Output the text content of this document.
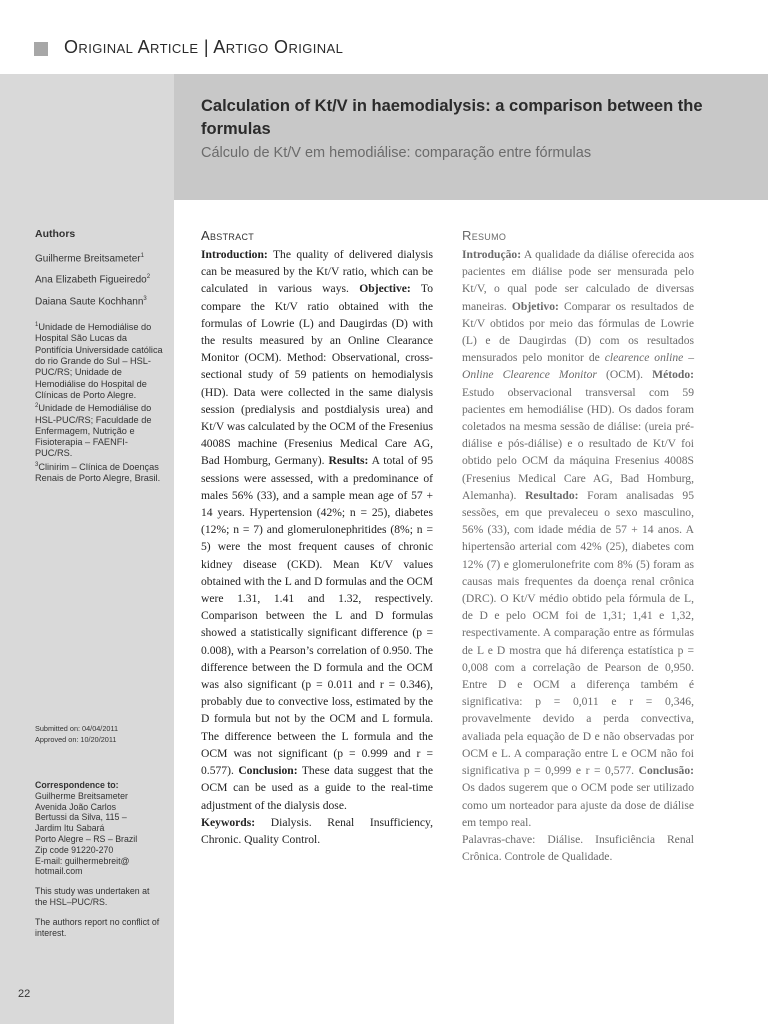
Original Article | Artigo Original
Calculation of Kt/V in haemodialysis: a comparison between the formulas
Cálculo de Kt/V em hemodiálise: comparação entre fórmulas
Authors
Guilherme Breitsameter$^1$
Ana Elizabeth Figueiredo$^2$
Daiana Saute Kochhann$^3$
$^1$Unidade de Hemodiálise do Hospital São Lucas da Pontifícia Universidade católica do rio Grande do Sul – HSL-PUC/RS; Unidade de Hemodiálise do Hospital de Clínicas de Porto Alegre.
$^2$Unidade de Hemodiálise do HSL-PUC/RS; Faculdade de Enfermagem, Nutrição e Fisioterapia – FAENFI-PUC/RS.
$^3$Clinirim – Clínica de Doenças Renais de Porto Alegre, Brasil.
Submitted on: 04/04/2011
Approved on: 10/20/2011
Correspondence to:
Guilherme Breitsameter
Avenida João Carlos
Bertussi da Silva, 115 –
Jardim Itu Sabará
Porto Alegre – RS – Brazil
Zip code 91220-270
E-mail: guilhermebreit@
hotmail.com
This study was undertaken at the HSL–PUC/RS.
The authors report no conflict of interest.
22
Abstract
Introduction: The quality of delivered dialysis can be measured by the Kt/V ratio, which can be calculated in various ways. Objective: To compare the Kt/V ratio obtained with the formulas of Lowrie (L) and Daugirdas (D) with the results measured by an Online Clearance Monitor (OCM). Method: Observational, cross-sectional study of 59 patients on hemodialysis (HD). Data were collected in the same dialysis session (predialysis and postdialysis urea) and Kt/V was calculated by the OCM of the Fresenius 4008S machine (Fresenius Medical Care AG, Bad Homburg, Germany). Results: A total of 95 sessions were assessed, with a predominance of males 56% (33), and a sample mean age of 57 + 14 years. Hypertension (42%; n = 25), diabetes (12%; n = 7) and glomerulonephritides (8%; n = 5) were the most frequent causes of chronic kidney disease (CKD). Mean Kt/V values obtained with the L and D formulas and the OCM were 1.31, 1.41 and 1.32, respectively. Comparison between the L and D formulas showed a statistically significant difference (p = 0.008), with a Pearson’s correlation of 0.950. The difference between the D formula and the OCM was also significant (p = 0.011 and r = 0.346), probably due to convective loss, estimated by the D formula but not by the OCM and L formula. The difference between the L formula and the OCM was not significant (p = 0.999 and r = 0.577). Conclusion: These data suggest that the OCM can be used as a guide to the real-time adjustment of the dialysis dose.
Keywords: Dialysis. Renal Insufficiency, Chronic. Quality Control.
Resumo
Introdução: A qualidade da diálise oferecida aos pacientes em diálise pode ser mensurada pelo Kt/V, o qual pode ser calculado de diversas maneiras. Objetivo: Comparar os resultados de Kt/V obtidos por meio das fórmulas de Lowrie (L) e de Daugirdas (D) com os resultados mensurados pelo monitor de clearence online – Online Clearence Monitor (OCM). Método: Estudo observacional transversal com 59 pacientes em hemodiálise (HD). Os dados foram coletados na mesma sessão de diálise: (ureia pré-diálise e pós-diálise) e o resultado de Kt/V foi obtido pelo OCM da máquina Fresenius 4008S (Fresenius Medical Care AG, Bad Homburg, Alemanha). Resultado: Foram analisadas 95 sessões, em que prevaleceu o sexo masculino, 56% (33), com idade média de 57 + 14 anos. A hipertensão arterial com 42% (25), diabetes com 12% (7) e glomerulonefrite com 8% (5) foram as causas mais frequentes da doença renal crônica (DRC). O Kt/V médio obtido pela fórmula de L, de D e pelo OCM foi de 1,31; 1,41 e 1,32, respectivamente. A comparação entre as fórmulas de L e D mostra que há diferença estatística p = 0,008 com a correlação de Pearson de 0,950. Entre D e OCM a diferença também é significativa: p = 0,011 e r = 0,346, provavelmente devido a perda convectiva, avaliada pela equação de D e não observadas por OCM e L. A comparação entre L e OCM não foi significativa p = 0,999 e r = 0,577. Conclusão: Os dados sugerem que o OCM pode ser utilizado como um norteador para ajuste da dose de diálise em tempo real.
Palavras-chave: Diálise. Insuficiência Renal Crônica. Controle de Qualidade.
